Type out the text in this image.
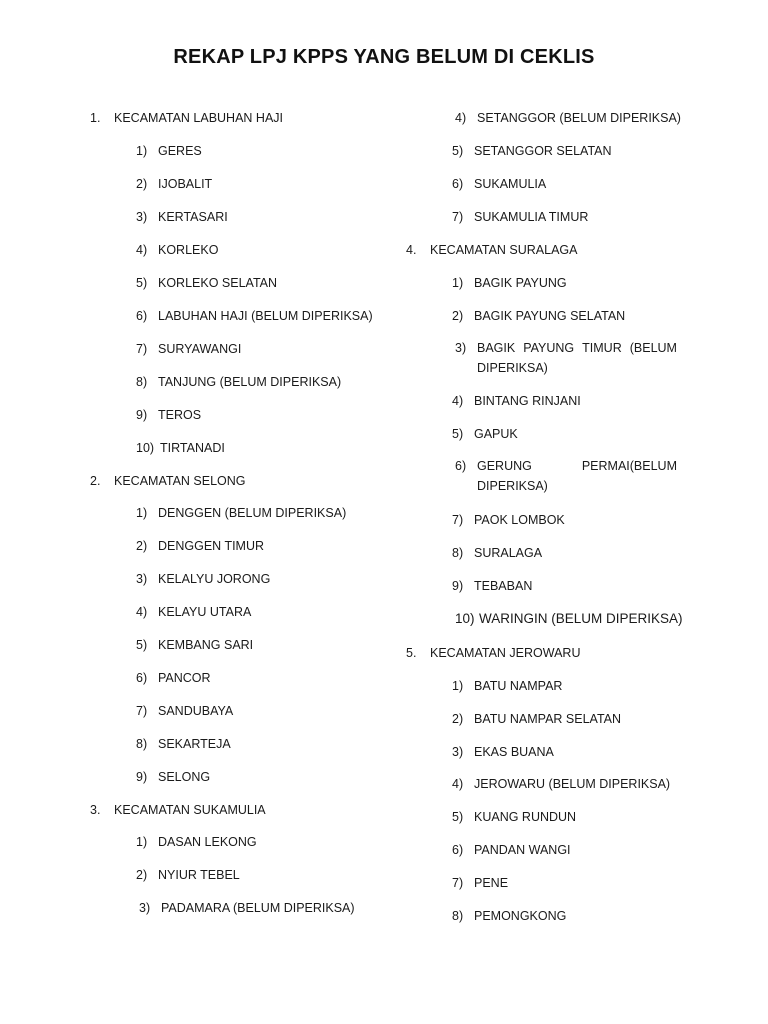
REKAP LPJ KPPS YANG BELUM DI CEKLIS
1. KECAMATAN LABUHAN HAJI
1) GERES
2) IJOBALIT
3) KERTASARI
4) KORLEKO
5) KORLEKO SELATAN
6) LABUHAN HAJI (BELUM DIPERIKSA)
7) SURYAWANGI
8) TANJUNG (BELUM DIPERIKSA)
9) TEROS
10) TIRTANADI
2. KECAMATAN SELONG
1) DENGGEN (BELUM DIPERIKSA)
2) DENGGEN TIMUR
3) KELALYU JORONG
4) KELAYU UTARA
5) KEMBANG SARI
6) PANCOR
7) SANDUBAYA
8) SEKARTEJA
9) SELONG
3. KECAMATAN SUKAMULIA
1) DASAN LEKONG
2) NYIUR TEBEL
3) PADAMARA (BELUM DIPERIKSA)
4) SETANGGOR (BELUM DIPERIKSA)
5) SETANGGOR SELATAN
6) SUKAMULIA
7) SUKAMULIA TIMUR
4. KECAMATAN SURALAGA
1) BAGIK PAYUNG
2) BAGIK PAYUNG SELATAN
3) BAGIK PAYUNG TIMUR (BELUM
DIPERIKSA)
4) BINTANG RINJANI
5) GAPUK
6) GERUNG	PERMAI(BELUM
DIPERIKSA)
7) PAOK LOMBOK
8) SURALAGA
9) TEBABAN
10) WARINGIN (BELUM DIPERIKSA)
5. KECAMATAN JEROWARU
1) BATU NAMPAR
2) BATU NAMPAR SELATAN
3) EKAS BUANA
4) JEROWARU (BELUM DIPERIKSA)
5) KUANG RUNDUN
6) PANDAN WANGI
7) PENE
8) PEMONGKONG
